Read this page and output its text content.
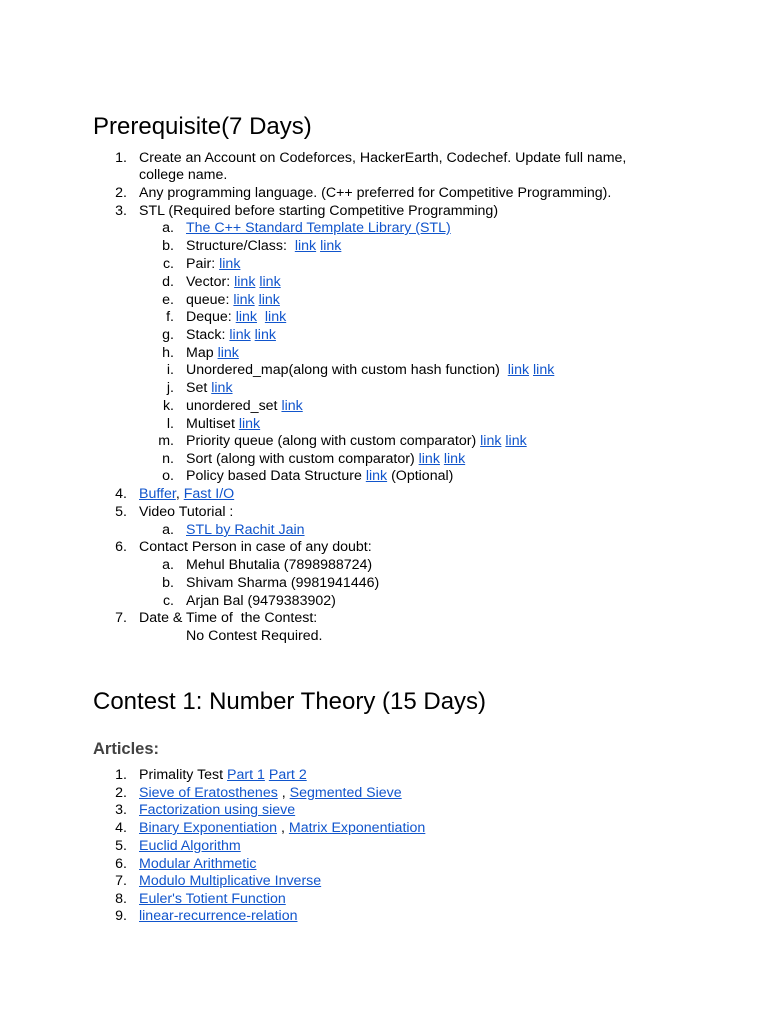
Prerequisite(7 Days)
1. Create an Account on Codeforces, HackerEarth, Codechef. Update full name,
college name.
2. Any programming language. (C++ preferred for Competitive Programming).
3. STL (Required before starting Competitive Programming)
a. The C++ Standard Template Library (STL)
b. Structure/Class: link link
c. Pair: link
d. Vector: link link
e. queue: link link
f. Deque: link link
g. Stack: link link
h. Map link
i. Unordered_map(along with custom hash function) link link
j. Set link
k. unordered_set link
l. Multiset link
m. Priority queue (along with custom comparator) link link
n. Sort (along with custom comparator) link link
o. Policy based Data Structure link (Optional)
4. Buffer, Fast I/O
5. Video Tutorial :
a. STL by Rachit Jain
6. Contact Person in case of any doubt:
a. Mehul Bhutalia (7898988724)
b. Shivam Sharma (9981941446)
c. Arjan Bal (9479383902)
7. Date & Time of  the Contest:
No Contest Required.
Contest 1: Number Theory (15 Days)
Articles:
1. Primality Test Part 1 Part 2
2. Sieve of Eratosthenes , Segmented Sieve
3. Factorization using sieve
4. Binary Exponentiation , Matrix Exponentiation
5. Euclid Algorithm
6. Modular Arithmetic
7. Modulo Multiplicative Inverse
8. Euler's Totient Function
9. linear-recurrence-relation
